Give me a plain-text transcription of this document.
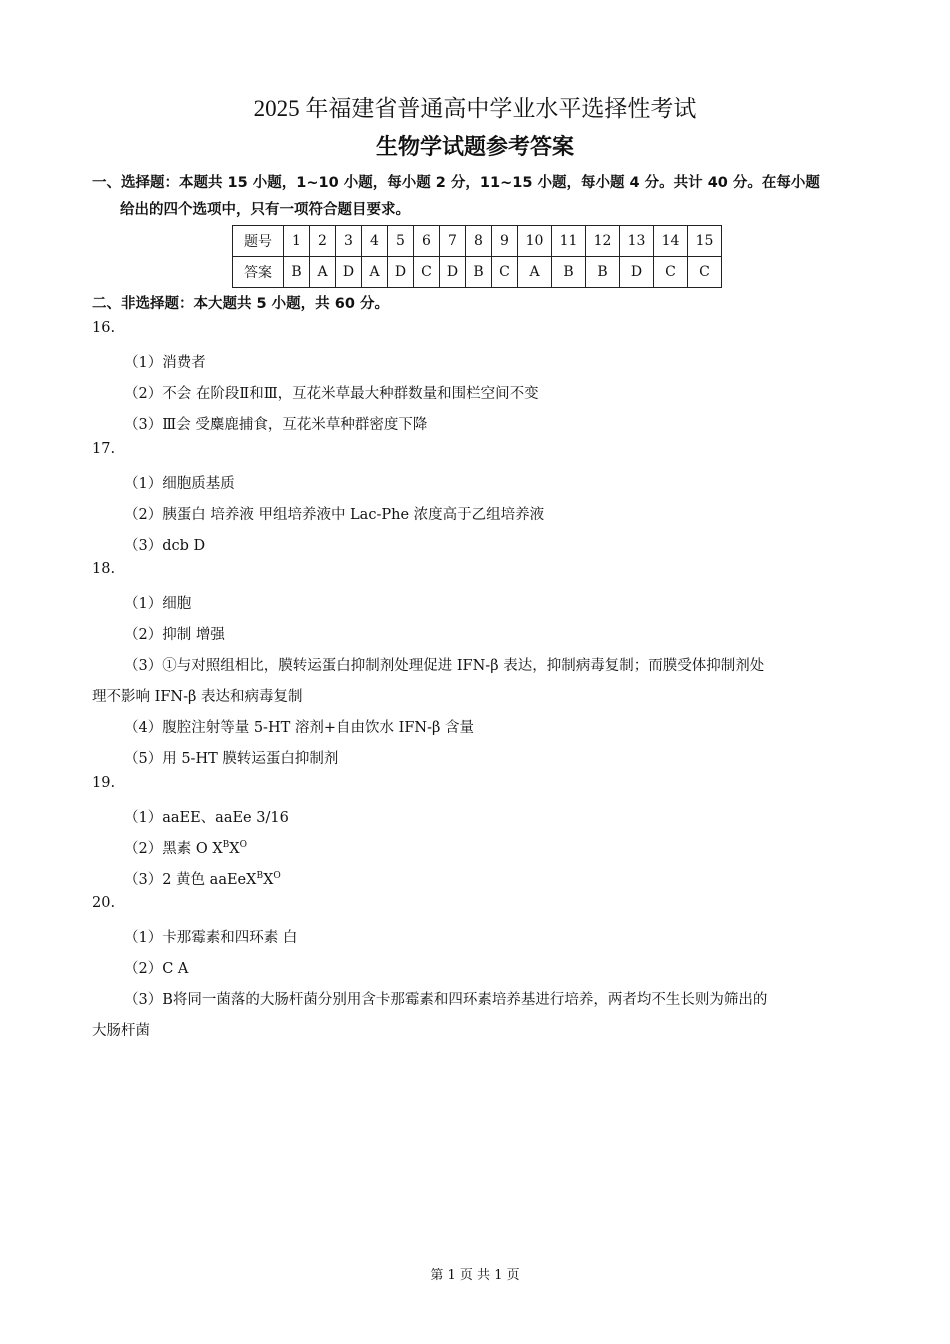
2025 年福建省普通高中学业水平选择性考试
生物学试题参考答案
一、选择题：本题共 15 小题，1~10 小题，每小题 2 分，11~15 小题，每小题 4 分。共计 40 分。在每小题
给出的四个选项中，只有一项符合题目要求。
题号	1	2	3	4	5	6	7	8	9	10	11	12	13	14	15
答案	B	A	D	A	D	C	D	B	C	A	B	B	D	C	C
二、非选择题：本大题共 5 小题，共 60 分。
16.
（1）消费者
（2）不会 在阶段Ⅱ和Ⅲ，互花米草最大种群数量和围栏空间不变
（3）Ⅲ会 受麋鹿捕食，互花米草种群密度下降
17.
（1）细胞质基质
（2）胰蛋白 培养液 甲组培养液中 Lac-Phe 浓度高于乙组培养液
（3）dcb D
18.
（1）细胞
（2）抑制 增强
（3）①与对照组相比，膜转运蛋白抑制剂处理促进 IFN-β 表达，抑制病毒复制；而膜受体抑制剂处
理不影响 IFN-β 表达和病毒复制
（4）腹腔注射等量 5-HT 溶剂+自由饮水 IFN-β 含量
（5）用 5-HT 膜转运蛋白抑制剂
19.
（1）aaEE、aaEe 3/16
（2）黑素 O $X^BX^O$
（3）2 黄色 $aaEeX^BX^O$
20.
（1）卡那霉素和四环素 白
（2）C A
（3）B将同一菌落的大肠杆菌分别用含卡那霉素和四环素培养基进行培养，两者均不生长则为筛出的
大肠杆菌
第 1 页 共 1 页
